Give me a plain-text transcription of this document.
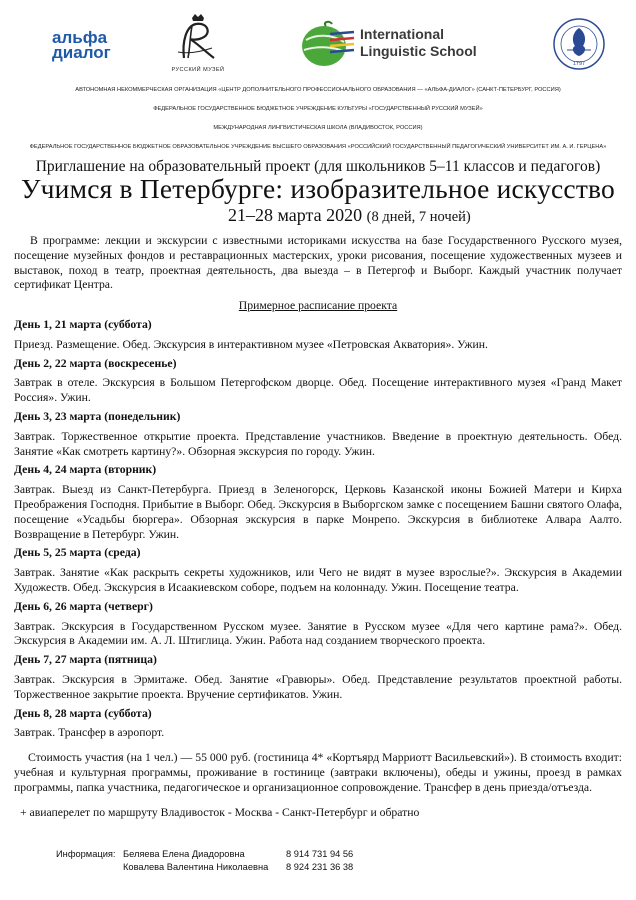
альфа
диалог
РУССКИЙ МУЗЕЙ
International
Linguistic School
1797
АВТОНОМНАЯ НЕКОММЕРЧЕСКАЯ ОРГАНИЗАЦИЯ «ЦЕНТР ДОПОЛНИТЕЛЬНОГО ПРОФЕССИОНАЛЬНОГО ОБРАЗОВАНИЯ — «АЛЬФА-ДИАЛОГ» (САНКТ-ПЕТЕРБУРГ, РОССИЯ)
ФЕДЕРАЛЬНОЕ ГОСУДАРСТВЕННОЕ БЮДЖЕТНОЕ УЧРЕЖДЕНИЕ КУЛЬТУРЫ «ГОСУДАРСТВЕННЫЙ РУССКИЙ МУЗЕЙ»
МЕЖДУНАРОДНАЯ ЛИНГВИСТИЧЕСКАЯ ШКОЛА (ВЛАДИВОСТОК, РОССИЯ)
ФЕДЕРАЛЬНОЕ ГОСУДАРСТВЕННОЕ БЮДЖЕТНОЕ ОБРАЗОВАТЕЛЬНОЕ УЧРЕЖДЕНИЕ ВЫСШЕГО ОБРАЗОВАНИЯ «РОССИЙСКИЙ ГОСУДАРСТВЕННЫЙ ПЕДАГОГИЧЕСКИЙ УНИВЕРСИТЕТ ИМ. А. И. ГЕРЦЕНА»
Приглашение на образовательный проект (для школьников 5–11 классов и педагогов)
Учимся в Петербурге: изобразительное искусство
21–28 марта 2020 (8 дней, 7 ночей)

В программе: лекции и экскурсии с известными историками искусства на базе Государственного Русского музея, посещение музейных фондов и реставрационных мастерских, уроки рисования, посещение художественных музеев и выставок, поход в театр, проектная деятельность, два выезда – в Петергоф и Выборг. Каждый участник получает сертификат Центра.

Примерное расписание проекта
День 1, 21 марта (суббота)
Приезд. Размещение. Обед. Экскурсия в интерактивном музее «Петровская Акватория». Ужин.
День 2, 22 марта (воскресенье)
Завтрак в отеле. Экскурсия в Большом Петергофском дворце. Обед. Посещение интерактивного музея «Гранд Макет Россия». Ужин.
День 3, 23 марта (понедельник)
Завтрак. Торжественное открытие проекта. Представление участников. Введение в проектную деятельность. Обед. Занятие «Как смотреть картину?». Обзорная экскурсия по городу. Ужин.
День 4, 24 марта (вторник)
Завтрак. Выезд из Санкт-Петербурга. Приезд в Зеленогорск, Церковь Казанской иконы Божией Матери и Кирха Преображения Господня. Прибытие в Выборг. Обед. Экскурсия в Выборгском замке с посещением Башни святого Олафа, посещение «Усадьбы бюргера». Обзорная экскурсия в парке Монрепо. Экскурсия в библиотеке Алвара Аалто. Возвращение в Петербург. Ужин.
День 5, 25 марта (среда)
Завтрак. Занятие «Как раскрыть секреты художников, или Чего не видят в музее взрослые?». Экскурсия в Академии Художеств. Обед. Экскурсия в Исаакиевском соборе, подъем на колоннаду. Ужин. Посещение театра.
День 6, 26 марта (четверг)
Завтрак. Экскурсия в Государственном Русском музее. Занятие в Русском музее «Для чего картине рама?». Обед. Экскурсия в Академии им. А. Л. Штиглица. Ужин. Работа над созданием творческого проекта.
День 7, 27 марта (пятница)
Завтрак. Экскурсия в Эрмитаже. Обед. Занятие «Гравюры». Обед. Представление результатов проектной работы. Торжественное закрытие проекта. Вручение сертификатов. Ужин.
День 8, 28 марта (суббота)
Завтрак. Трансфер в аэропорт.

Стоимость участия (на 1 чел.) — 55 000 руб. (гостиница 4* «Кортъярд Марриотт Васильевский»). В стоимость входит: учебная и культурная программы, проживание в гостинице (завтраки включены), обеды и ужины, проезд в рамках программы, папка участника, педагогическое и организационное сопровождение. Трансфер в день приезда/отъезда.

+ авиаперелет по маршруту Владивосток - Москва - Санкт-Петербург и обратно

Информация: Беляева Елена Диадоровна	8 914 731 94 56
Ковалева Валентина Николаевна 8 924 231 36 38
